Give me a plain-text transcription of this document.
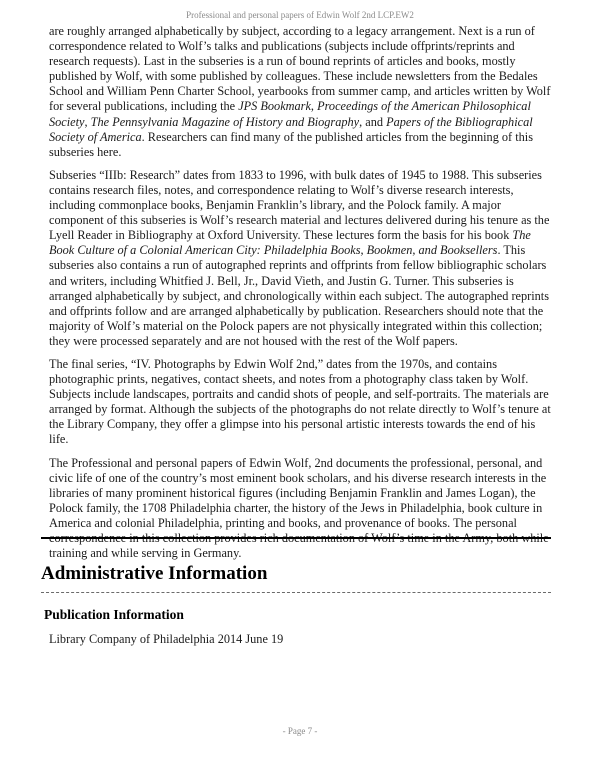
Professional and personal papers of Edwin Wolf 2nd LCP.EW2

are roughly arranged alphabetically by subject, according to a legacy arrangement. Next is a run of correspondence related to Wolf’s talks and publications (subjects include offprints/reprints and research requests). Last in the subseries is a run of bound reprints of articles and books, mostly published by Wolf, with some published by colleagues. These include newsletters from the Bedales School and William Penn Charter School, yearbooks from summer camp, and articles written by Wolf for several publications, including the JPS Bookmark, Proceedings of the American Philosophical Society, The Pennsylvania Magazine of History and Biography, and Papers of the Bibliographical Society of America. Researchers can find many of the published articles from the beginning of this subseries here.

Subseries “IIIb: Research” dates from 1833 to 1996, with bulk dates of 1945 to 1988. This subseries contains research files, notes, and correspondence relating to Wolf’s diverse research interests, including commonplace books, Benjamin Franklin’s library, and the Polock family. A major component of this subseries is Wolf’s research material and lectures delivered during his tenure as the Lyell Reader in Bibliography at Oxford University. These lectures form the basis for his book The Book Culture of a Colonial American City: Philadelphia Books, Bookmen, and Booksellers. This subseries also contains a run of autographed reprints and offprints from fellow bibliographic scholars and writers, including Whitfied J. Bell, Jr., David Vieth, and Justin G. Turner. This subseries is arranged alphabetically by subject, and chronologically within each subject. The autographed reprints and offprints follow and are arranged alphabetically by publication. Researchers should note that the majority of Wolf’s material on the Polock papers are not physically integrated within this collection; they were processed separately and are not housed with the rest of the Wolf papers.

The final series, “IV. Photographs by Edwin Wolf 2nd,” dates from the 1970s, and contains photographic prints, negatives, contact sheets, and notes from a photography class taken by Wolf. Subjects include landscapes, portraits and candid shots of people, and self-portraits. The materials are arranged by format. Although the subjects of the photographs do not relate directly to Wolf’s tenure at the Library Company, they offer a glimpse into his personal artistic interests towards the end of his life.

The Professional and personal papers of Edwin Wolf, 2nd documents the professional, personal, and civic life of one of the country’s most eminent book scholars, and his diverse research interests in the libraries of many prominent historical figures (including Benjamin Franklin and James Logan), the Polock family, the 1708 Philadelphia charter, the history of the Jews in Philadelphia, book culture in America and colonial Philadelphia, printing and books, and provenance of books. The personal correspondence in this collection provides rich documentation of Wolf’s time in the Army, both while training and while serving in Germany.

Administrative Information
Publication Information

Library Company of Philadelphia 2014 June 19

- Page 7 -
